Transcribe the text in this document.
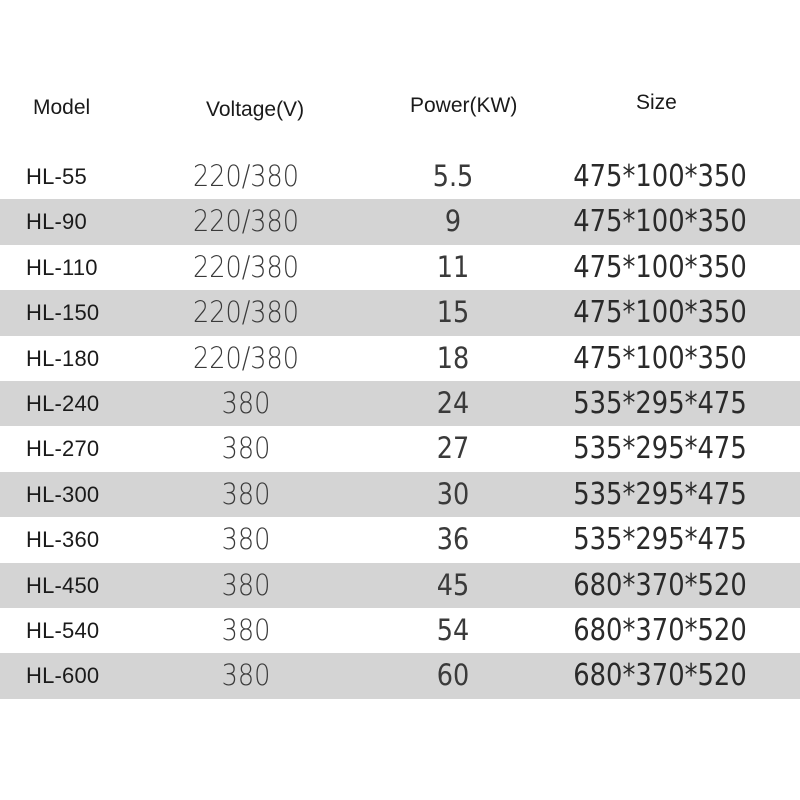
Model	Voltage(V)	Power(KW)	Size
HL-55	220/380	5.5	475*100*350
HL-90	220/380	9	475*100*350
HL-110	220/380	11	475*100*350
HL-150	220/380	15	475*100*350
HL-180	220/380	18	475*100*350
HL-240	380	24	535*295*475
HL-270	380	27	535*295*475
HL-300	380	30	535*295*475
HL-360	380	36	535*295*475
HL-450	380	45	680*370*520
HL-540	380	54	680*370*520
HL-600	380	60	680*370*520
